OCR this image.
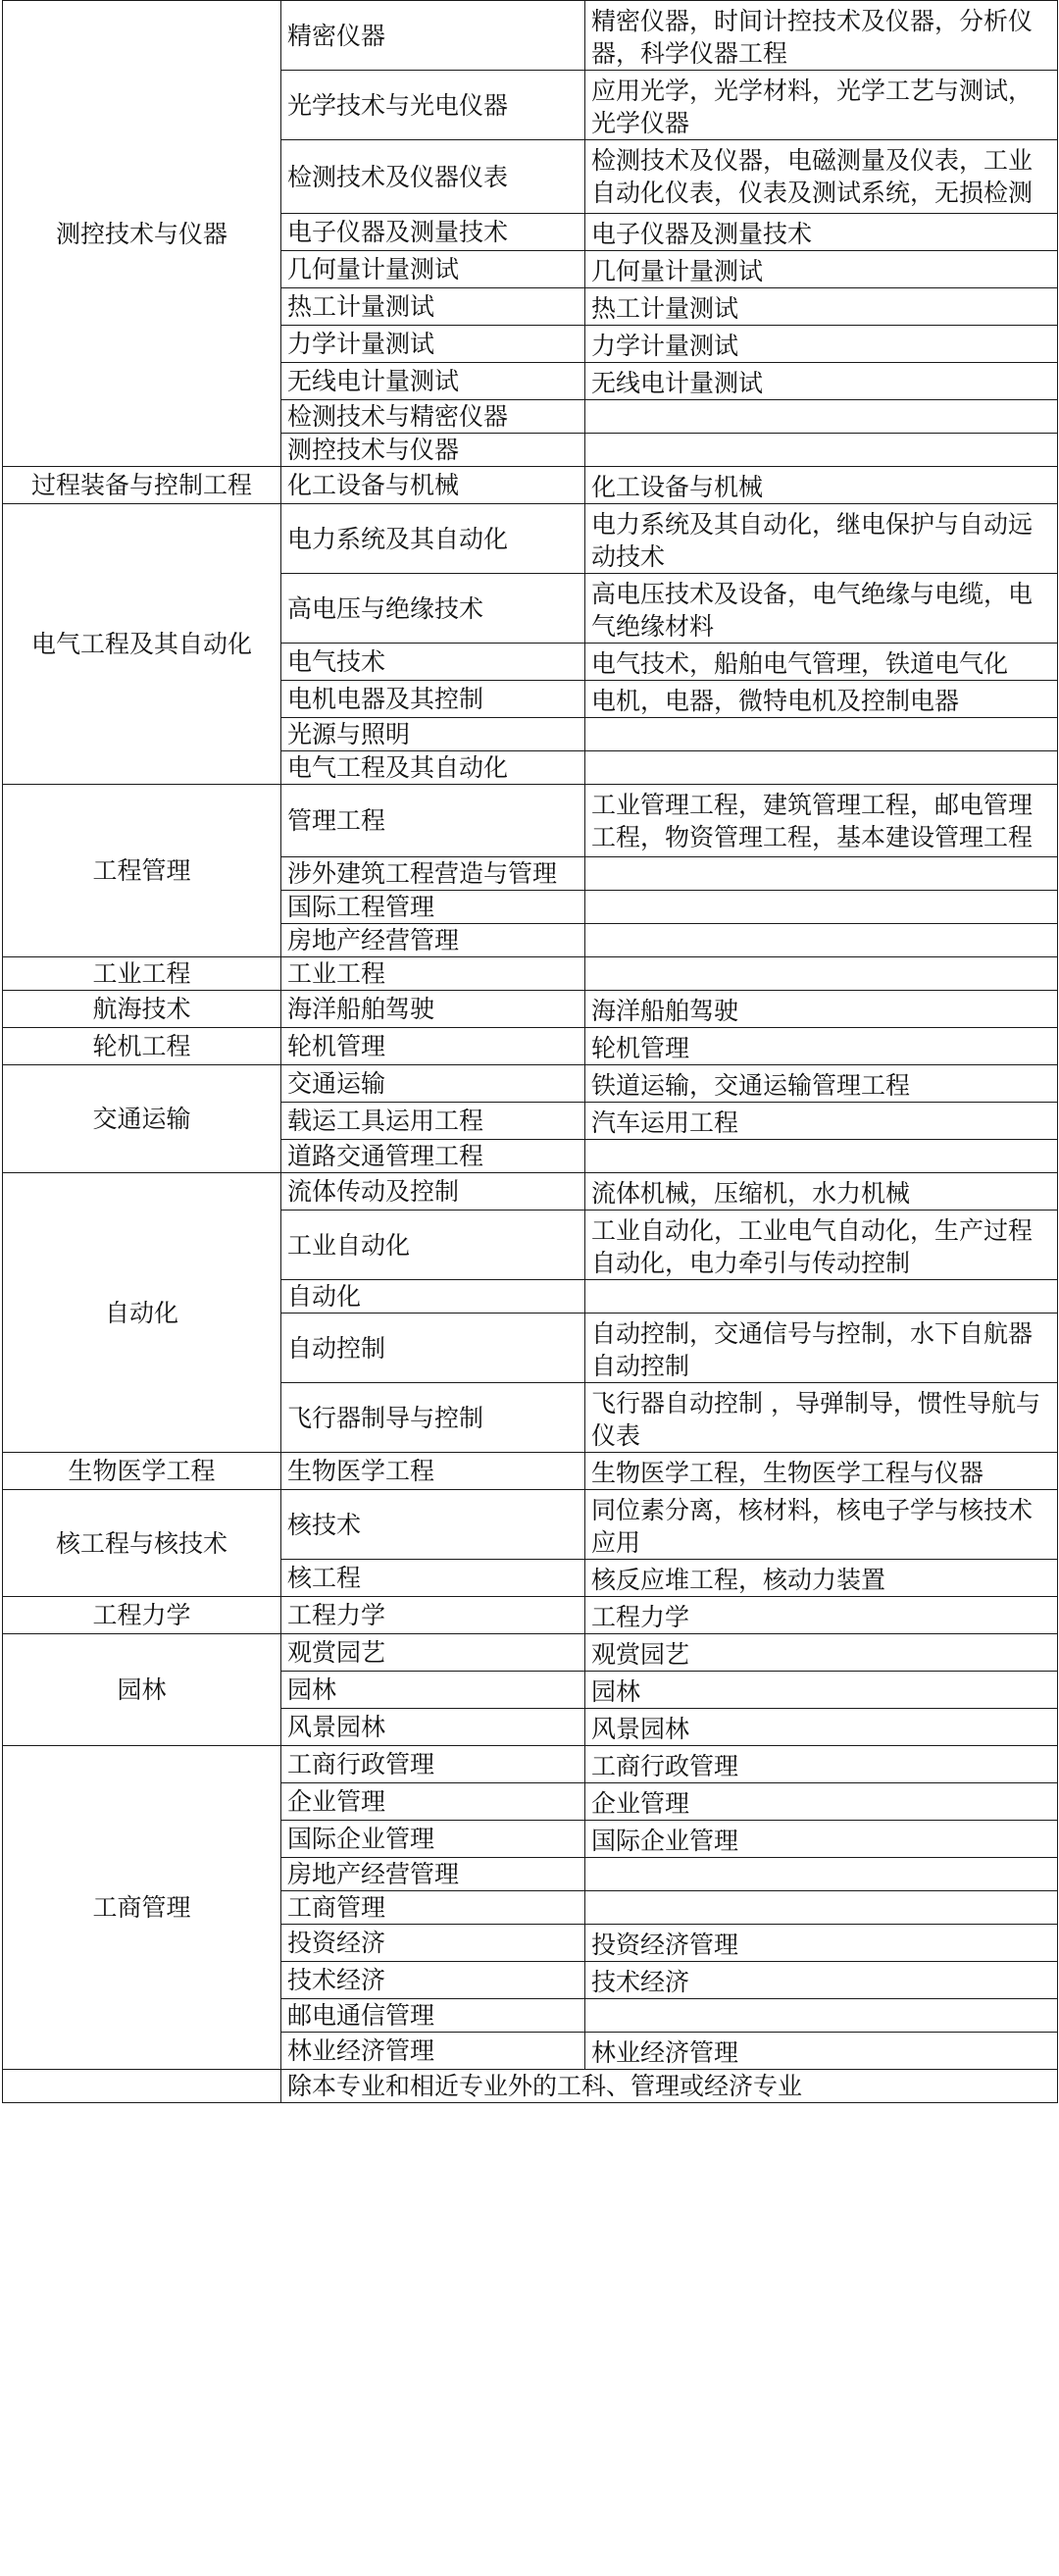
测控技术与仪器	精密仪器	精密仪器，时间计控技术及仪器，分析仪器，科学仪器工程
	光学技术与光电仪器	应用光学，光学材料，光学工艺与测试，光学仪器
	检测技术及仪器仪表	检测技术及仪器，电磁测量及仪表，工业自动化仪表，仪表及测试系统，无损检测
	电子仪器及测量技术	电子仪器及测量技术
	几何量计量测试	几何量计量测试
	热工计量测试	热工计量测试
	力学计量测试	力学计量测试
	无线电计量测试	无线电计量测试
	检测技术与精密仪器	
	测控技术与仪器	
过程装备与控制工程	化工设备与机械	化工设备与机械
电气工程及其自动化	电力系统及其自动化	电力系统及其自动化，继电保护与自动远动技术
	高电压与绝缘技术	高电压技术及设备，电气绝缘与电缆，电气绝缘材料
	电气技术	电气技术，船舶电气管理，铁道电气化
	电机电器及其控制	电机，电器，微特电机及控制电器
	光源与照明	
	电气工程及其自动化	
工程管理	管理工程	工业管理工程，建筑管理工程，邮电管理工程，物资管理工程，基本建设管理工程
	涉外建筑工程营造与管理	
	国际工程管理	
	房地产经营管理	
工业工程	工业工程	
航海技术	海洋船舶驾驶	海洋船舶驾驶
轮机工程	轮机管理	轮机管理
交通运输	交通运输	铁道运输，交通运输管理工程
	载运工具运用工程	汽车运用工程
	道路交通管理工程	
自动化	流体传动及控制	流体机械，压缩机，水力机械
	工业自动化	工业自动化，工业电气自动化，生产过程自动化，电力牵引与传动控制
	自动化	
	自动控制	自动控制，交通信号与控制，水下自航器自动控制
	飞行器制导与控制	飞行器自动控制 ，导弹制导，惯性导航与仪表
生物医学工程	生物医学工程	生物医学工程，生物医学工程与仪器
核工程与核技术	核技术	同位素分离，核材料，核电子学与核技术应用
	核工程	核反应堆工程，核动力装置
工程力学	工程力学	工程力学
园林	观赏园艺	观赏园艺
	园林	园林
	风景园林	风景园林
工商管理	工商行政管理	工商行政管理
	企业管理	企业管理
	国际企业管理	国际企业管理
	房地产经营管理	
	工商管理	
	投资经济	投资经济管理
	技术经济	技术经济
	邮电通信管理	
	林业经济管理	林业经济管理
	除本专业和相近专业外的工科、管理或经济专业	
